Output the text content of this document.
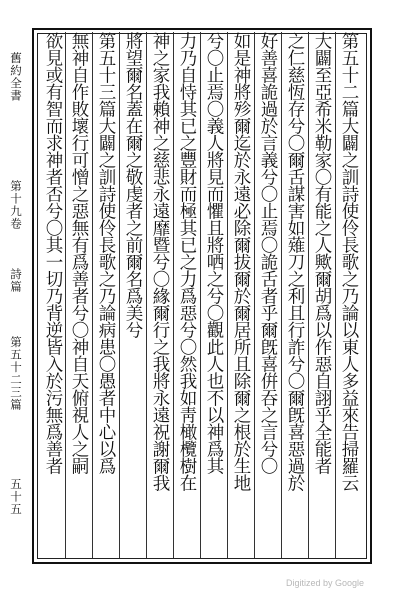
舊約全書
第十九卷
詩篇
第五十二三篇
五十五
第五十二篇大闢之訓詩使伶長歌之乃論以東人多益來告掃羅云
大闢至亞希米勒家〇有能之人歟爾胡爲以作惡自詡乎全能者
之仁慈恆存兮〇爾舌謀害如薙刀之利且行詐兮〇爾旣喜惡過於
好善喜詭過於言義兮〇止焉〇詭舌者乎爾旣喜倂吞之言兮〇
如是神將殄爾迄於永遠必除爾拔爾於爾居所且除爾之根於生地
兮〇止焉〇義人將見而懼且將哂之兮〇觀此人也不以神爲其
力乃自恃其已之豐財而極其已之力爲惡兮〇然我如靑橄欖樹在
神之家我賴神之慈悲永遠靡暨兮〇緣爾行之我將永遠祝謝爾我
將望爾名蓋在爾之敬虔者之前爾名爲美兮
第五十三篇大闢之訓詩使伶長歌之乃論病患〇愚者中心以爲
無神自作敗壞行可憎之惡無有爲善者兮〇神自天俯視人之嗣
欲見或有智而求神者否兮〇其一切乃背逆皆入於污無爲善者
Digitized by Google
